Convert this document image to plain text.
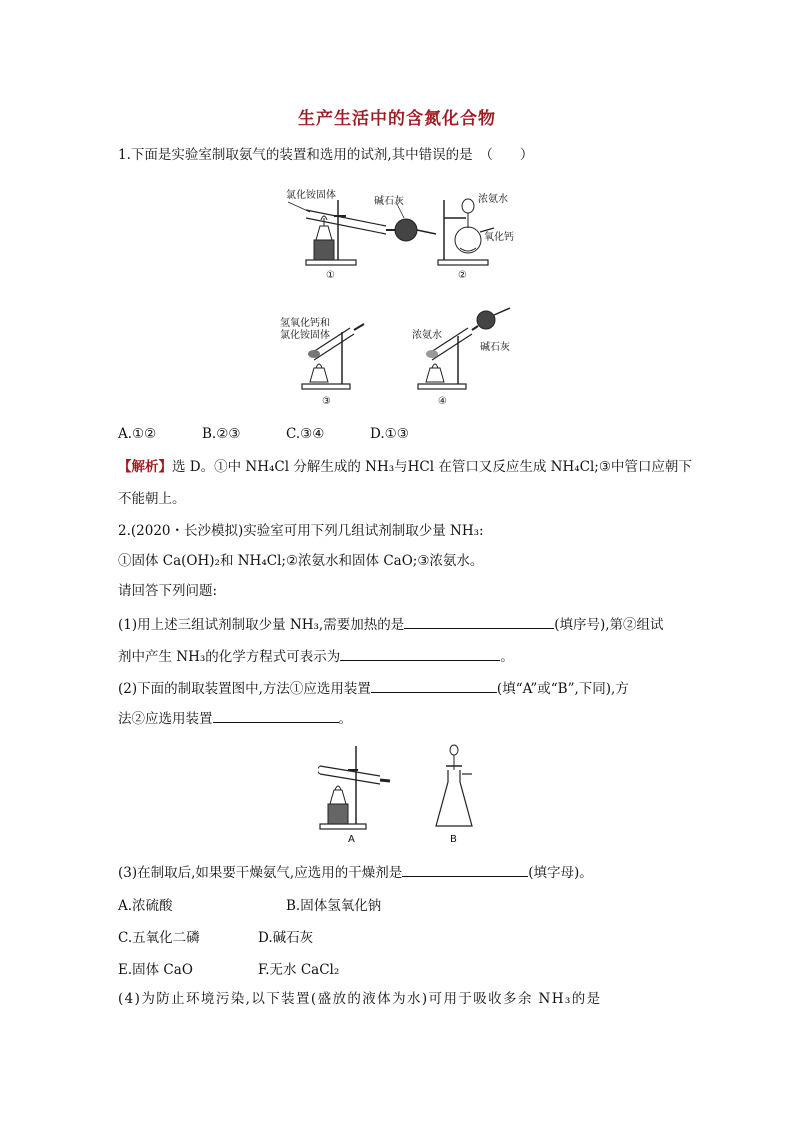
生产生活中的含氮化合物
1.下面是实验室制取氨气的装置和选用的试剂,其中错误的是　（　　）
氯化铵固体
碱石灰
①
浓氨水
氧化钙
②
氢氧化钙和
氯化铵固体
③
浓氨水
碱石灰
④
A.①②	B.②③	C.③④	D.①③
【解析】选 D。①中 NH₄Cl 分解生成的 NH₃与HCl 在管口又反应生成 NH₄Cl;③中管口应朝下
不能朝上。
2.(2020・长沙模拟)实验室可用下列几组试剂制取少量 NH₃:
①固体 Ca(OH)₂和 NH₄Cl;②浓氨水和固体 CaO;③浓氨水。
请回答下列问题:
(1)用上述三组试剂制取少量 NH₃,需要加热的是	(填序号),第②组试
剂中产生 NH₃的化学方程式可表示为	。
(2)下面的制取装置图中,方法①应选用装置	(填“A”或“B”,下同),方
法②应选用装置	。
A	B
(3)在制取后,如果要干燥氨气,应选用的干燥剂是	(填字母)。
A.浓硫酸	B.固体氢氧化钠
C.五氧化二磷	D.碱石灰
E.固体 CaO	F.无水 CaCl₂
(4)为防止环境污染,以下装置(盛放的液体为水)可用于吸收多余 NH₃的是
